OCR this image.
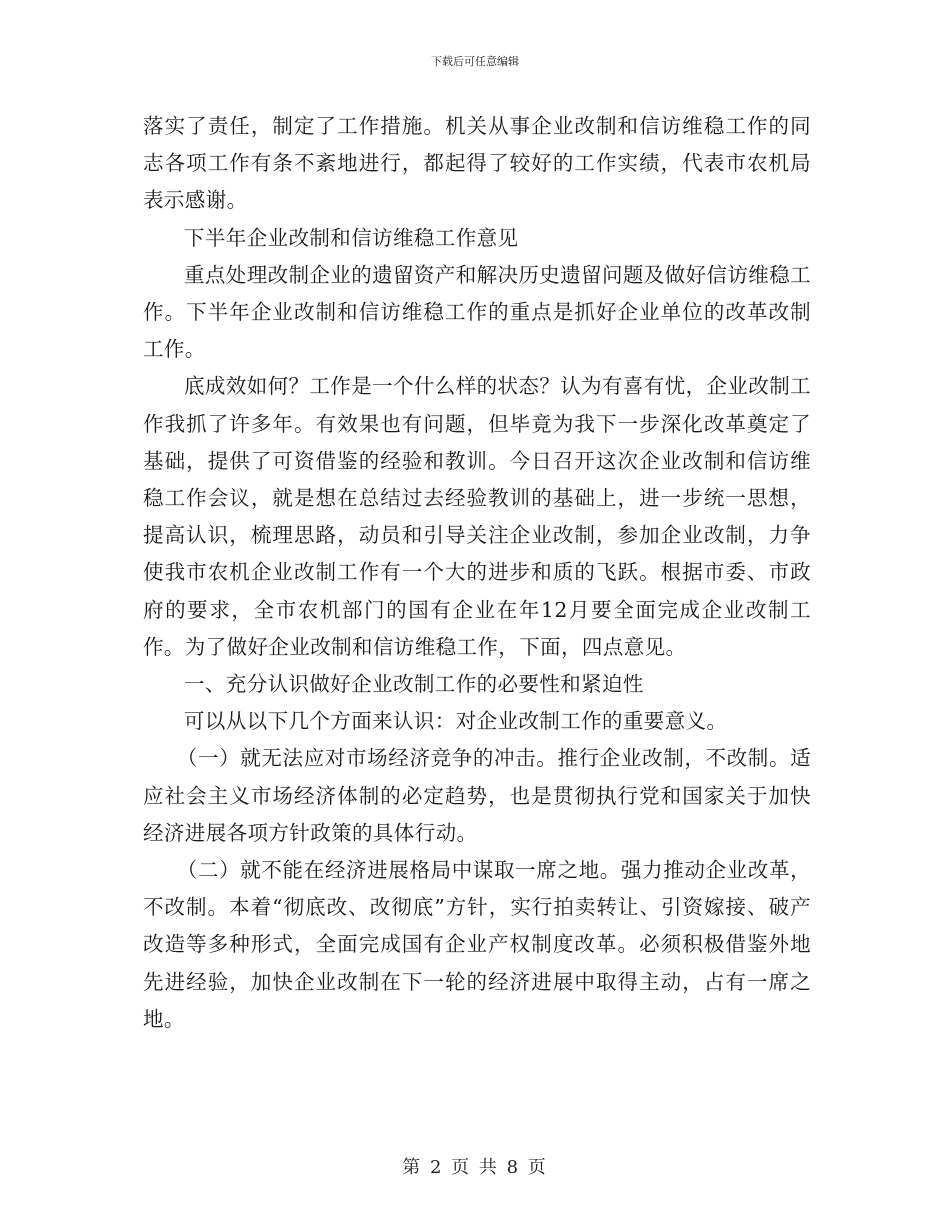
下载后可任意编辑

落实了责任，制定了工作措施。机关从事企业改制和信访维稳工作的同志各项工作有条不紊地进行，都起得了较好的工作实绩，代表市农机局表示感谢。

下半年企业改制和信访维稳工作意见

重点处理改制企业的遗留资产和解决历史遗留问题及做好信访维稳工作。下半年企业改制和信访维稳工作的重点是抓好企业单位的改革改制工作。

底成效如何？工作是一个什么样的状态？认为有喜有忧，企业改制工作我抓了许多年。有效果也有问题，但毕竟为我下一步深化改革奠定了基础，提供了可资借鉴的经验和教训。今日召开这次企业改制和信访维稳工作会议，就是想在总结过去经验教训的基础上，进一步统一思想，提高认识，梳理思路，动员和引导关注企业改制，参加企业改制，力争使我市农机企业改制工作有一个大的进步和质的飞跃。根据市委、市政府的要求，全市农机部门的国有企业在年12月要全面完成企业改制工作。为了做好企业改制和信访维稳工作，下面，四点意见。

一、充分认识做好企业改制工作的必要性和紧迫性

可以从以下几个方面来认识：对企业改制工作的重要意义。

（一）就无法应对市场经济竞争的冲击。推行企业改制，不改制。适应社会主义市场经济体制的必定趋势，也是贯彻执行党和国家关于加快经济进展各项方针政策的具体行动。

（二）就不能在经济进展格局中谋取一席之地。强力推动企业改革，不改制。本着“彻底改、改彻底”方针，实行拍卖转让、引资嫁接、破产改造等多种形式，全面完成国有企业产权制度改革。必须积极借鉴外地先进经验，加快企业改制在下一轮的经济进展中取得主动，占有一席之地。

第 2 页 共 8 页
